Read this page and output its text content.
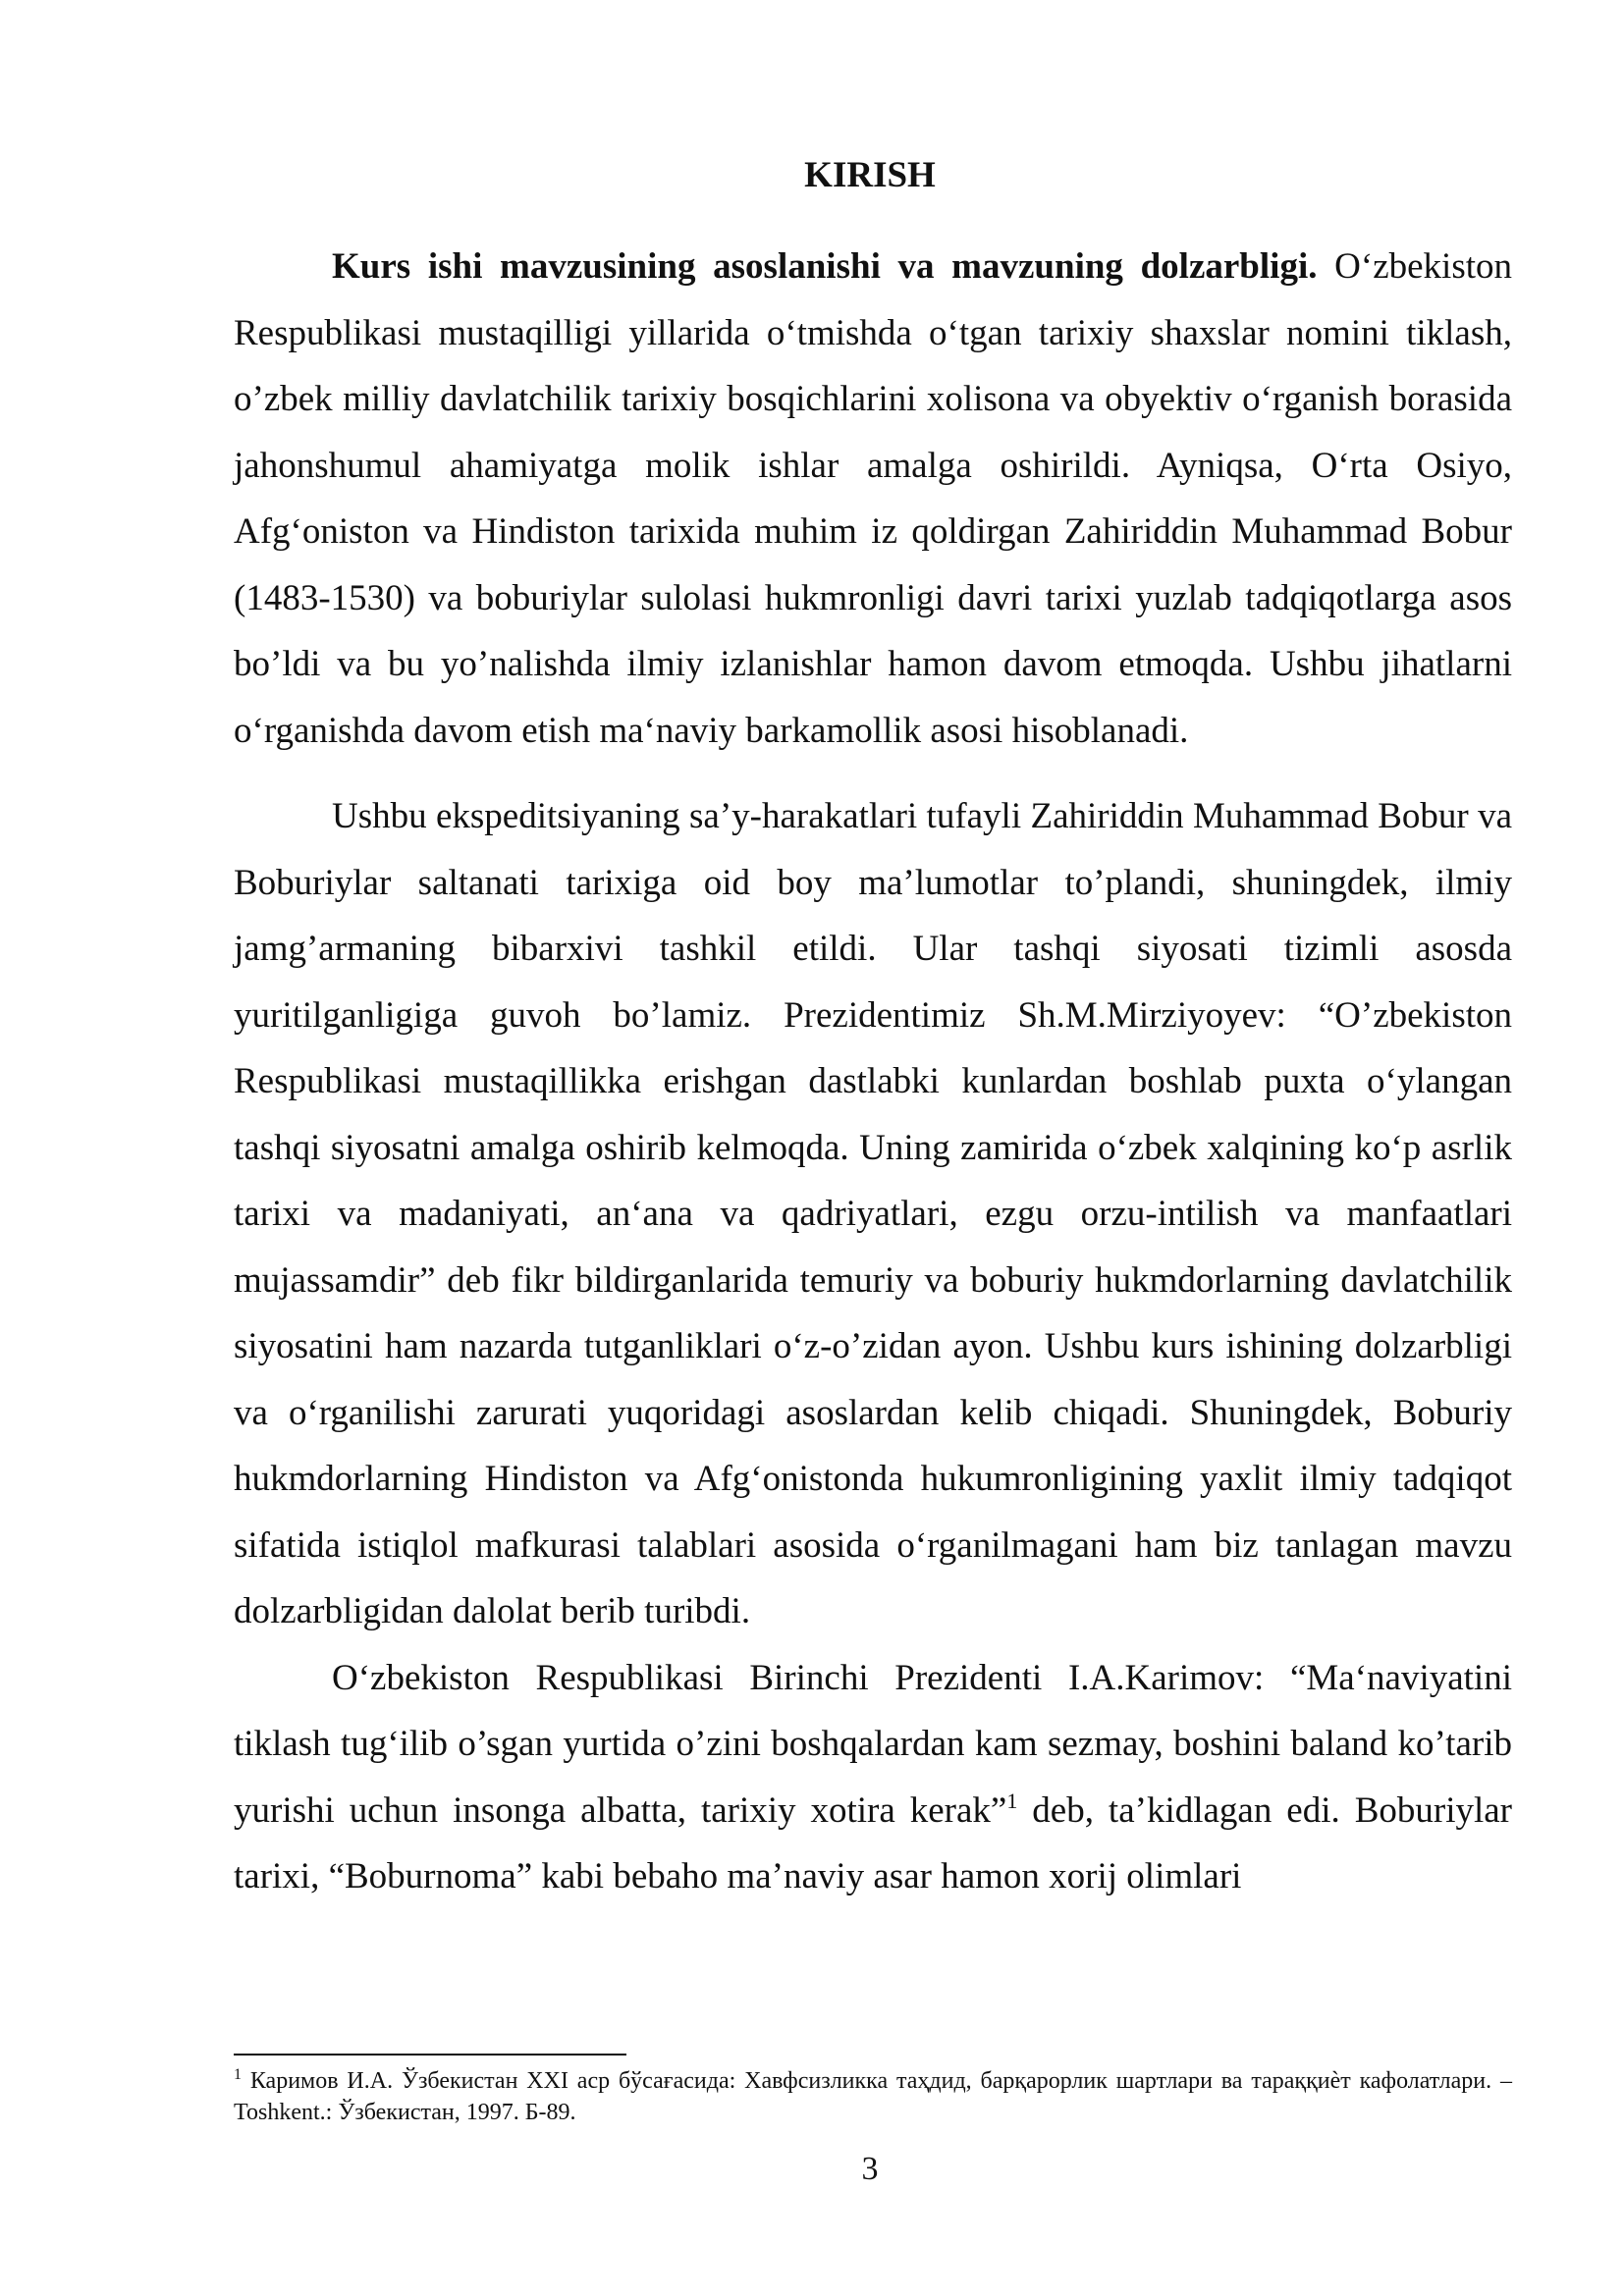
KIRISH

Kurs ishi mavzusining asoslanishi va mavzuning dolzarbligi. O‘zbekiston Respublikasi mustaqilligi yillarida o‘tmishda o‘tgan tarixiy shaxslar nomini tiklash, o’zbek milliy davlatchilik tarixiy bosqichlarini xolisona va obyektiv o‘rganish borasida jahonshumul ahamiyatga molik ishlar amalga oshirildi. Ayniqsa, O‘rta Osiyo, Afg‘oniston va Hindiston tarixida muhim iz qoldirgan Zahiriddin Muhammad Bobur (1483-1530) va boburiylar sulolasi hukmronligi davri tarixi yuzlab tadqiqotlarga asos bo’ldi va bu yo’nalishda ilmiy izlanishlar hamon davom etmoqda. Ushbu jihatlarni o‘rganishda davom etish ma‘naviy barkamollik asosi hisoblanadi.

Ushbu ekspeditsiyaning sa’y-harakatlari tufayli Zahiriddin Muhammad Bobur va Boburiylar saltanati tarixiga oid boy ma’lumotlar to’plandi, shuningdek, ilmiy jamg’armaning bibarxivi tashkil etildi. Ular tashqi siyosati tizimli asosda yuritilganligiga guvoh bo’lamiz. Prezidentimiz Sh.M.Mirziyoyev: “O’zbekiston Respublikasi mustaqillikka erishgan dastlabki kunlardan boshlab puxta o‘ylangan tashqi siyosatni amalga oshirib kelmoqda. Uning zamirida o‘zbek xalqining ko‘p asrlik tarixi va madaniyati, an‘ana va qadriyatlari, ezgu orzu-intilish va manfaatlari mujassamdir” deb fikr bildirganlarida temuriy va boburiy hukmdorlarning davlatchilik siyosatini ham nazarda tutganliklari o‘z-o’zidan ayon. Ushbu kurs ishining dolzarbligi va o‘rganilishi zarurati yuqoridagi asoslardan kelib chiqadi. Shuningdek, Boburiy hukmdorlarning Hindiston va Afg‘onistonda hukumronligining yaxlit ilmiy tadqiqot sifatida istiqlol mafkurasi talablari asosida o‘rganilmagani ham biz tanlagan mavzu dolzarbligidan dalolat berib turibdi.

O‘zbekiston Respublikasi Birinchi Prezidenti I.A.Karimov: “Ma‘naviyatini tiklash tug‘ilib o’sgan yurtida o’zini boshqalardan kam sezmay, boshini baland ko’tarib yurishi uchun insonga albatta, tarixiy xotira kerak”$^1$ deb, ta’kidlagan edi. Boburiylar tarixi, “Boburnoma” kabi bebaho ma’naviy asar hamon xorij olimlari

$^1$ Каримов И.А. Ўзбекистан XXI аср бўсағасида: Хавфсизликка таҳдид, барқарорлик шартлари ва тараққиѐт кафолатлари. – Toshkent.: Ўзбекистан, 1997. Б-89.
3
